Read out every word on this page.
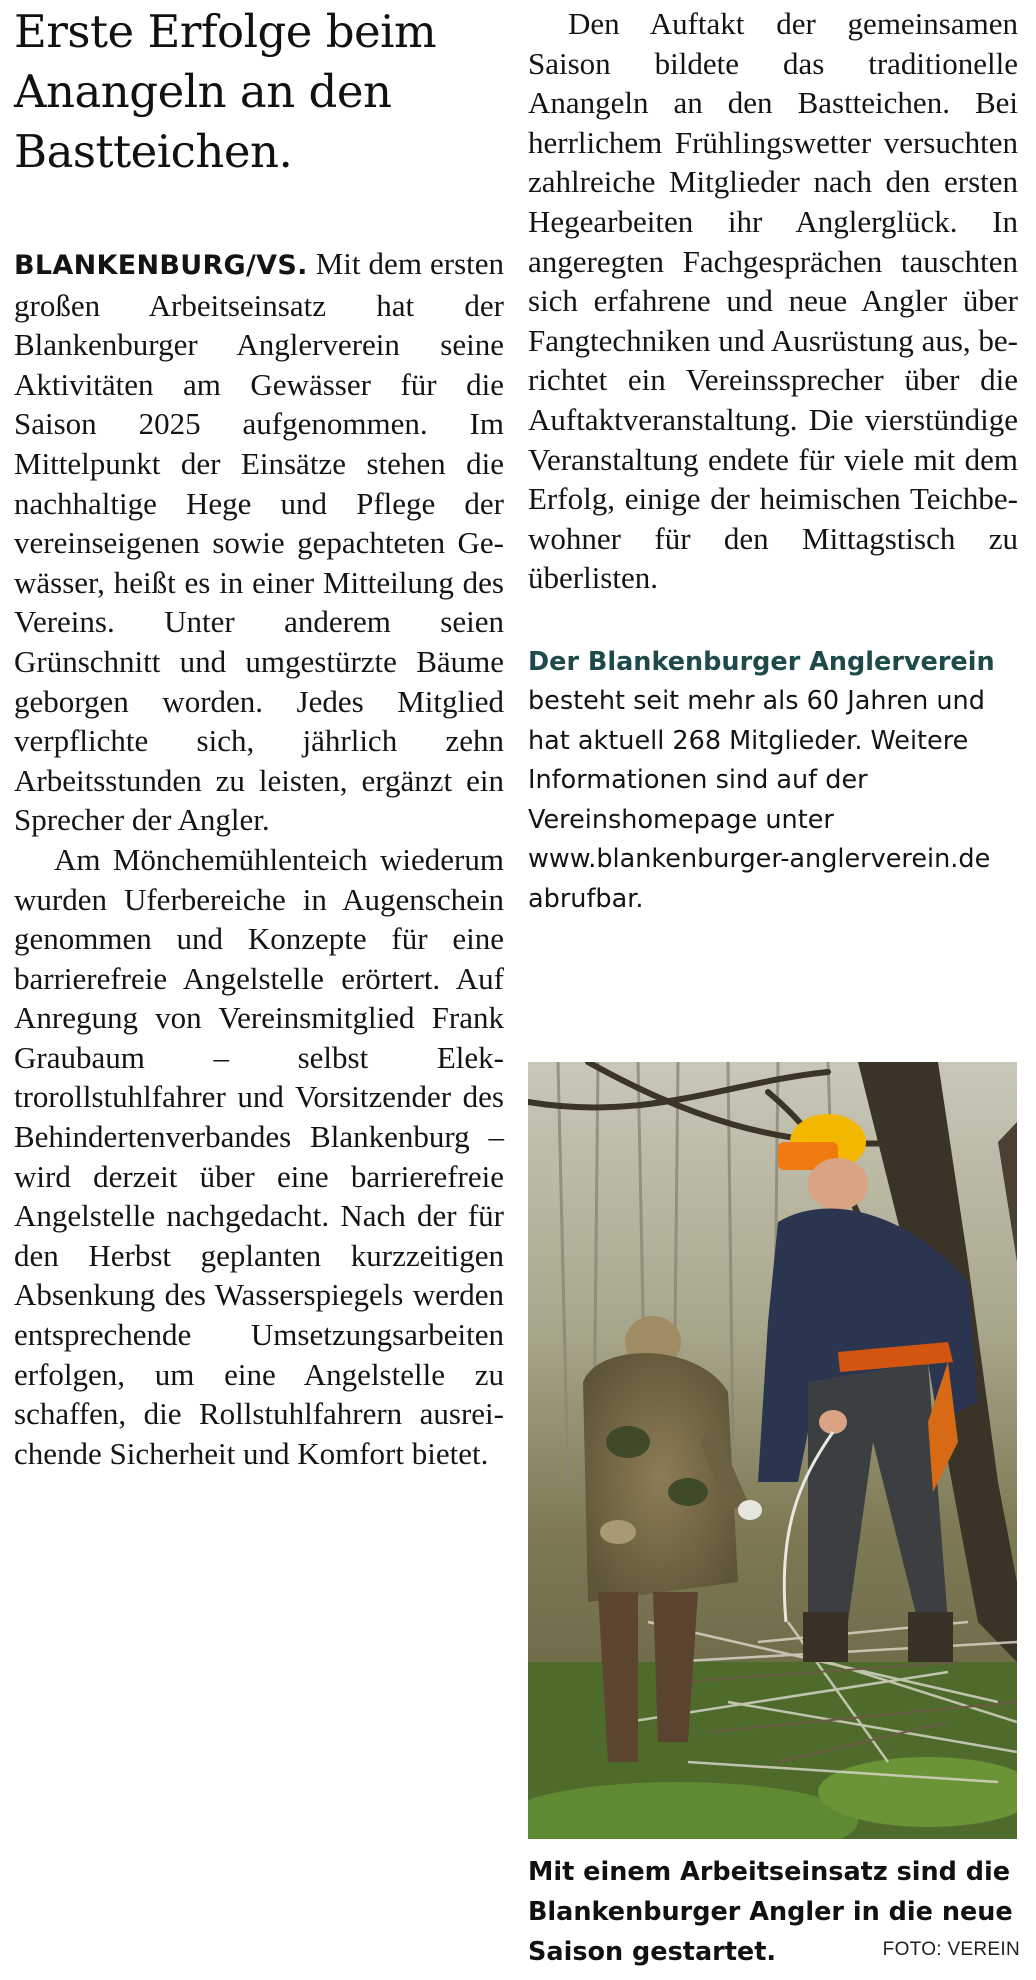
Erste Erfolge beim Anangeln an den Bastteichen.

BLANKENBURG/VS. Mit dem ersten großen Arbeitseinsatz hat der Blankenburger Anglerverein seine Aktivitäten am Gewässer für die Saison 2025 aufgenommen. Im Mittelpunkt der Einsätze stehen die nachhaltige Hege und Pflege der vereinseigenen sowie gepachteten Gewässer, heißt es in einer Mitteilung des Vereins. Unter anderem seien Grünschnitt und umgestürzte Bäume geborgen worden. Jedes Mitglied verpflichte sich, jährlich zehn Arbeitsstunden zu leisten, ergänzt ein Sprecher der Angler.

Am Mönchemühlenteich wiederum wurden Uferbereiche in Augenschein genommen und Konzepte für eine barrierefreie Angelstelle erörtert. Auf Anregung von Vereinsmitglied Frank Graubaum – selbst Elektrorollstuhlfahrer und Vorsitzender des Behindertenverbandes Blankenburg – wird derzeit über eine barrierefreie Angelstelle nachgedacht. Nach der für den Herbst geplanten kurzzeitigen Absenkung des Wasserspiegels werden entsprechende Umsetzungsarbeiten erfolgen, um eine Angelstelle zu schaffen, die Rollstuhlfahrern ausreichende Sicherheit und Komfort bietet.

Den Auftakt der gemeinsamen Saison bildete das traditionelle Anangeln an den Bastteichen. Bei herrlichem Frühlingswetter versuchten zahlreiche Mitglieder nach den ersten Hegearbeiten ihr Anglerglück. In angeregten Fachgesprächen tauschten sich erfahrene und neue Angler über Fangtechniken und Ausrüstung aus, berichtet ein Vereinssprecher über die Auftaktveranstaltung. Die vierstündige Veranstaltung endete für viele mit dem Erfolg, einige der heimischen Teichbewohner für den Mittagstisch zu überlisten.

Der Blankenburger Anglerverein besteht seit mehr als 60 Jahren und hat aktuell 268 Mitglieder. Weitere Informationen sind auf der Vereinshomepage unter www.blankenburger-anglerverein.de abrufbar.
Mit einem Arbeitseinsatz sind die Blankenburger Angler in die neue Saison gestartet.	FOTO: VEREIN
